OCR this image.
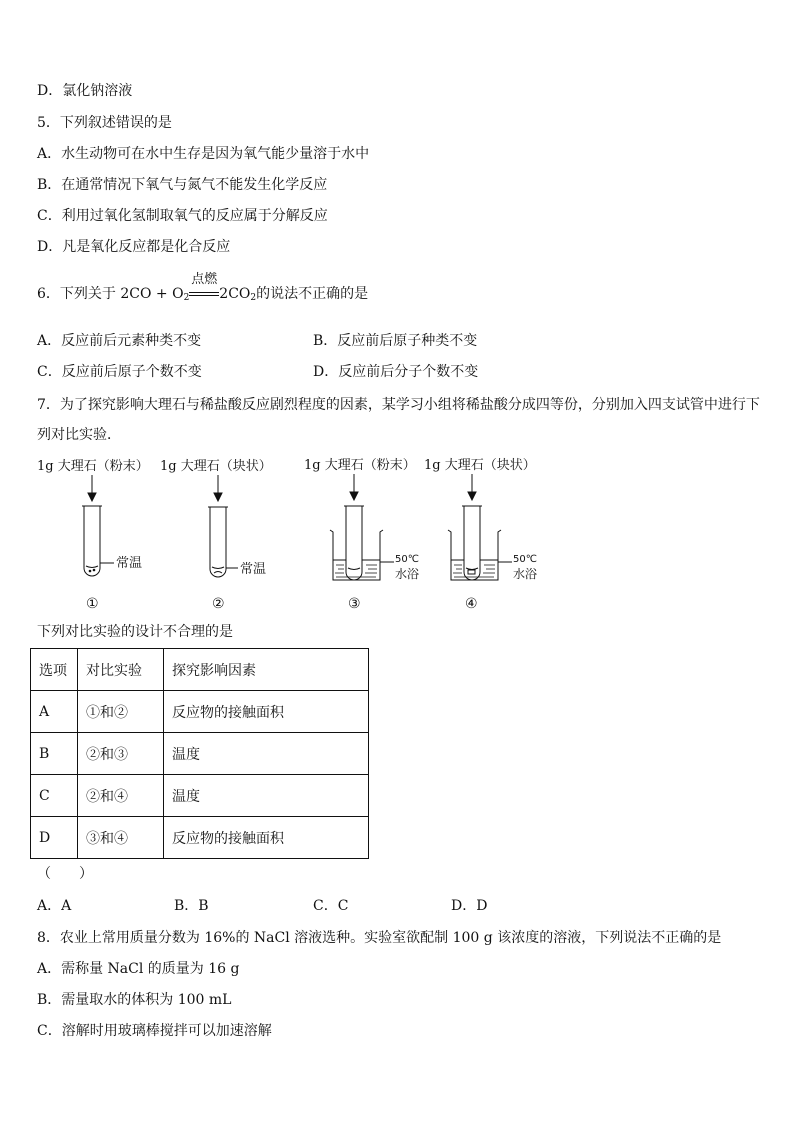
D．氯化钠溶液
5．下列叙述错误的是
A．水生动物可在水中生存是因为氧气能少量溶于水中
B．在通常情况下氧气与氮气不能发生化学反应
C．利用过氧化氢制取氧气的反应属于分解反应
D．凡是氧化反应都是化合反应
6．下列关于 $2CO + O_2$
点燃
$2CO_2$的说法不正确的是
A．反应前后元素种类不变	B．反应前后原子种类不变
C．反应前后原子个数不变	D．反应前后分子个数不变
7．为了探究影响大理石与稀盐酸反应剧烈程度的因素，某学习小组将稀盐酸分成四等份，分别加入四支试管中进行下
列对比实验．
1g 大理石（粉末） 1g 大理石（块状） 1g 大理石（粉末） 1g 大理石（块状）
常温	常温
50℃
水浴
50℃
水浴
①	②	③	④
下列对比实验的设计不合理的是
选项	对比实验	探究影响因素
A	①和②	反应物的接触面积
B	②和③	温度
C	②和④	温度
D	③和④	反应物的接触面积
（　　）
A．A	B．B	C．C	D．D
8．农业上常用质量分数为 16%的 NaCl 溶液选种。实验室欲配制 100 g 该浓度的溶液，下列说法不正确的是
A．需称量 NaCl 的质量为 16 g
B．需量取水的体积为 100 mL
C．溶解时用玻璃棒搅拌可以加速溶解
